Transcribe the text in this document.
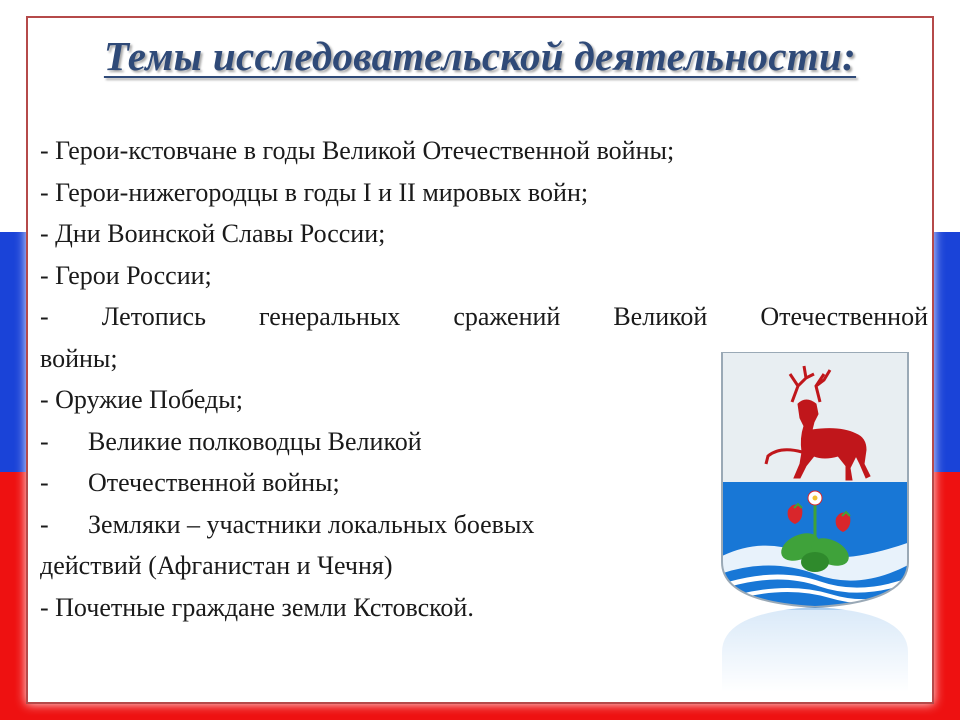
Темы исследовательской деятельности:
- Герои-кстовчане в годы Великой Отечественной войны;
- Герои-нижегородцы в годы I и II мировых войн;
- Дни Воинской Славы России;
- Герои России;
- Летопись генеральных сражений Великой Отечественной
войны;
- Оружие Победы;
- Великие полководцы Великой
- Отечественной войны;
- Земляки – участники локальных боевых
действий (Афганистан и Чечня)
- Почетные граждане земли Кстовской.
